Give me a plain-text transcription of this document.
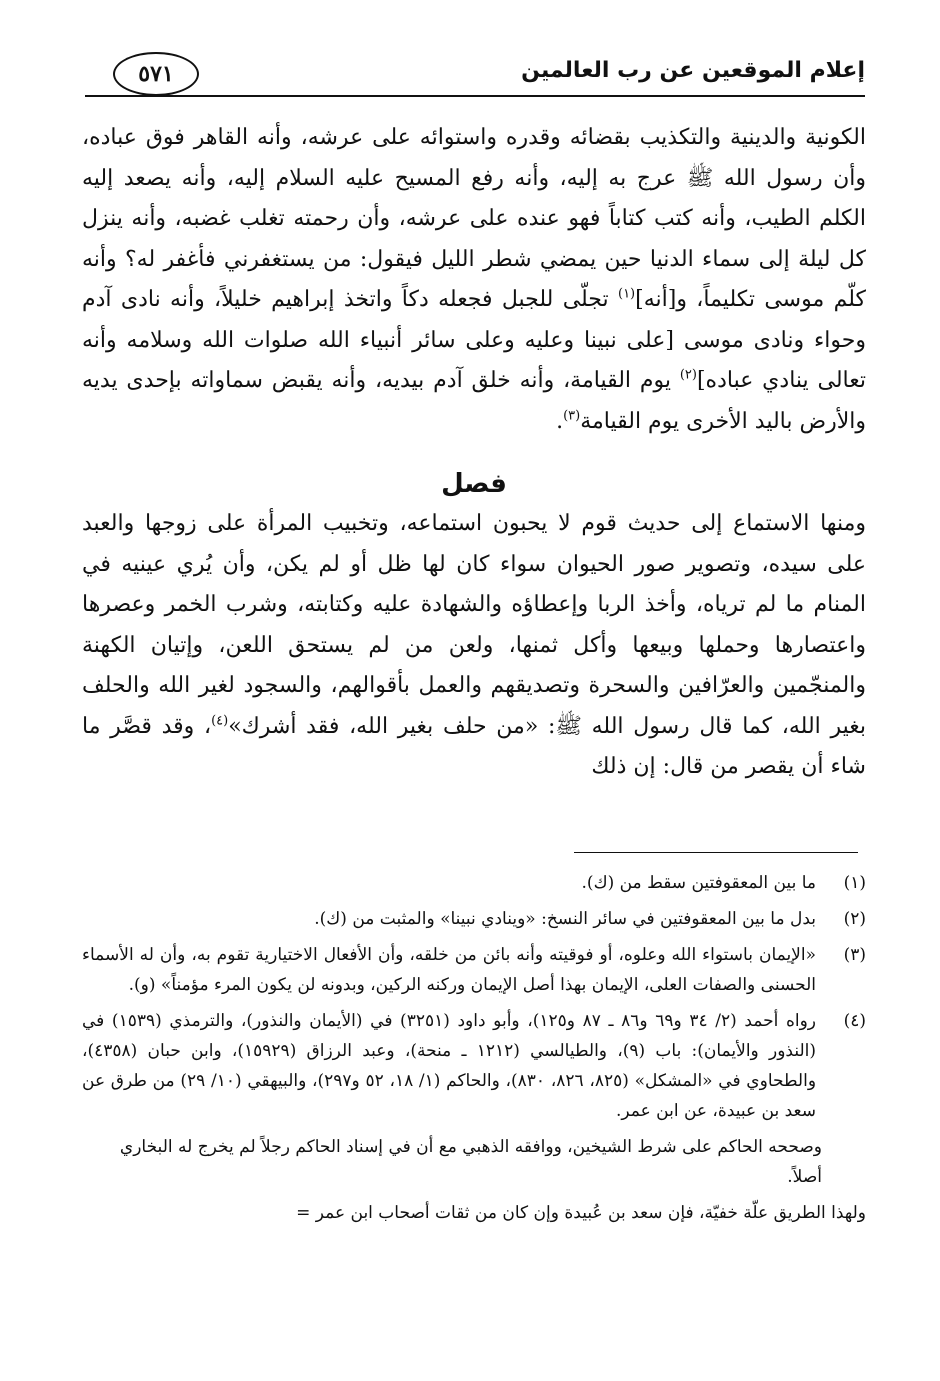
إعلام الموقعين عن رب العالمين
٥٧١

الكونية والدينية والتكذيب بقضائه وقدره واستوائه على عرشه، وأنه القاهر فوق عباده، وأن رسول الله ﷺ عرج به إليه، وأنه رفع المسيح عليه السلام إليه، وأنه يصعد إليه الكلم الطيب، وأنه كتب كتاباً فهو عنده على عرشه، وأن رحمته تغلب غضبه، وأنه ينزل كل ليلة إلى سماء الدنيا حين يمضي شطر الليل فيقول: من يستغفرني فأغفر له؟ وأنه كلّم موسى تكليماً، و[أنه]$^{(١)}$ تجلّى للجبل فجعله دكاً واتخذ إبراهيم خليلاً، وأنه نادى آدم وحواء ونادى موسى [على نبينا وعليه وعلى سائر أنبياء الله صلوات الله وسلامه وأنه تعالى ينادي عباده]$^{(٢)}$ يوم القيامة، وأنه خلق آدم بيديه، وأنه يقبض سماواته بإحدى يديه والأرض باليد الأخرى يوم القيامة$^{(٣)}$.

فصل

ومنها الاستماع إلى حديث قوم لا يحبون استماعه، وتخبيب المرأة على زوجها والعبد على سيده، وتصوير صور الحيوان سواء كان لها ظل أو لم يكن، وأن يُري عينيه في المنام ما لم ترياه، وأخذ الربا وإعطاؤه والشهادة عليه وكتابته، وشرب الخمر وعصرها واعتصارها وحملها وبيعها وأكل ثمنها، ولعن من لم يستحق اللعن، وإتيان الكهنة والمنجّمين والعرّافين والسحرة وتصديقهم والعمل بأقوالهم، والسجود لغير الله والحلف بغير الله، كما قال رسول الله ﷺ: «من حلف بغير الله، فقد أشرك»$^{(٤)}$، وقد قصَّر ما شاء أن يقصر من قال: إن ذلك

(١)
ما بين المعقوفتين سقط من (ك).
(٢)
بدل ما بين المعقوفتين في سائر النسخ: «وينادي نبينا» والمثبت من (ك).
(٣)
«الإيمان باستواء الله وعلوه، أو فوقيته وأنه بائن من خلقه، وأن الأفعال الاختيارية تقوم به، وأن له الأسماء الحسنى والصفات العلى، الإيمان بهذا أصل الإيمان وركنه الركين، وبدونه لن يكون المرء مؤمناً» (و).
(٤)
رواه أحمد (٢/ ٣٤ و٦٩ و٨٦ ـ ٨٧ و١٢٥)، وأبو داود (٣٢٥١) في (الأيمان والنذور)، والترمذي (١٥٣٩) في (النذور والأيمان): باب (٩)، والطيالسي (١٢١٢ ـ منحة)، وعبد الرزاق (١٥٩٢٩)، وابن حبان (٤٣٥٨)، والطحاوي في «المشكل» (٨٢٥، ٨٢٦، ٨٣٠)، والحاكم (١/ ١٨، ٥٢ و٢٩٧)، والبيهقي (١٠/ ٢٩) من طرق عن سعد بن عبيدة، عن ابن عمر.
وصححه الحاكم على شرط الشيخين، ووافقه الذهبي مع أن في إسناد الحاكم رجلاً لم يخرج له البخاري أصلاً.
ولهذا الطريق علّة خفيّة، فإن سعد بن عُبيدة وإن كان من ثقات أصحاب ابن عمر =
